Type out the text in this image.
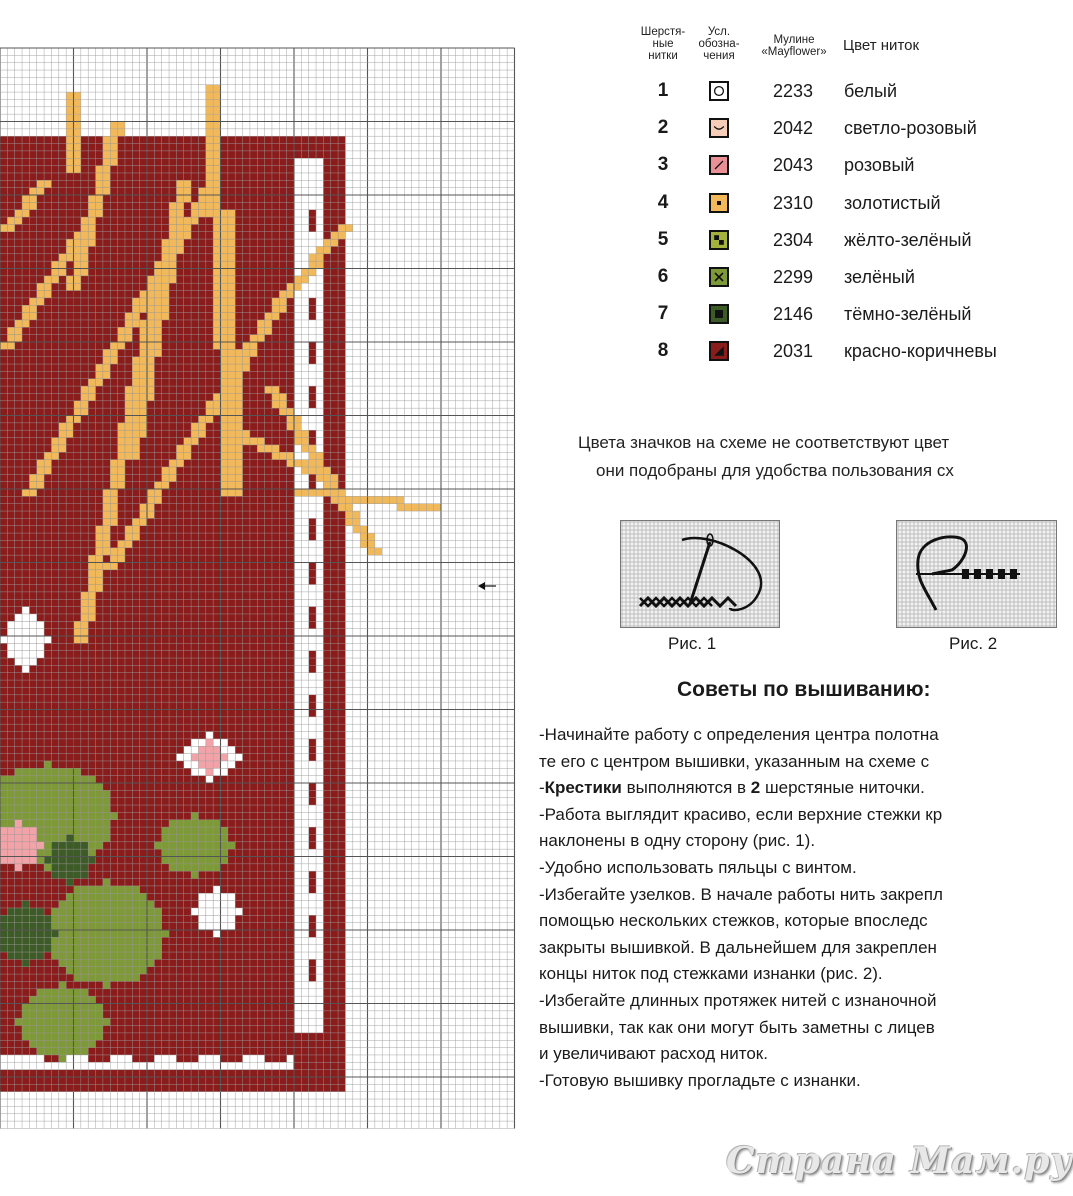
Шерстя-
ные
нитки
Усл.
обозна-
чения
Мулине
«Mayflower»	Цвет ниток
1	2233 белый
2	2042 светло-розовый
3	2043 розовый
4	2310 золотистый
5	2304 жёлто-зелёный
6	2299 зелёный
7	2146 тёмно-зелёный
8	2031 красно-коричневы
Цвета значков на схеме не соответствуют цвет
они подобраны для удобства пользования сх
Рис. 1	Рис. 2
Советы по вышиванию:
-Начинайте работу с определения центра полотна
те его с центром вышивки, указанным на схеме с
-Крестики выполняются в 2 шерстяные ниточки.
-Работа выглядит красиво, если верхние стежки кр
наклонены в одну сторону (рис. 1).
-Удобно использовать пяльцы с винтом.
-Избегайте узелков. В начале работы нить закрепл
помощью нескольких стежков, которые впоследс
закрыты вышивкой. В дальнейшем для закреплен
концы ниток под стежками изнанки (рис. 2).
-Избегайте длинных протяжек нитей с изнаночной
вышивки, так как они могут быть заметны с лицев
и увеличивают расход ниток.
-Готовую вышивку прогладьте с изнанки.
Страна Мам.ру
